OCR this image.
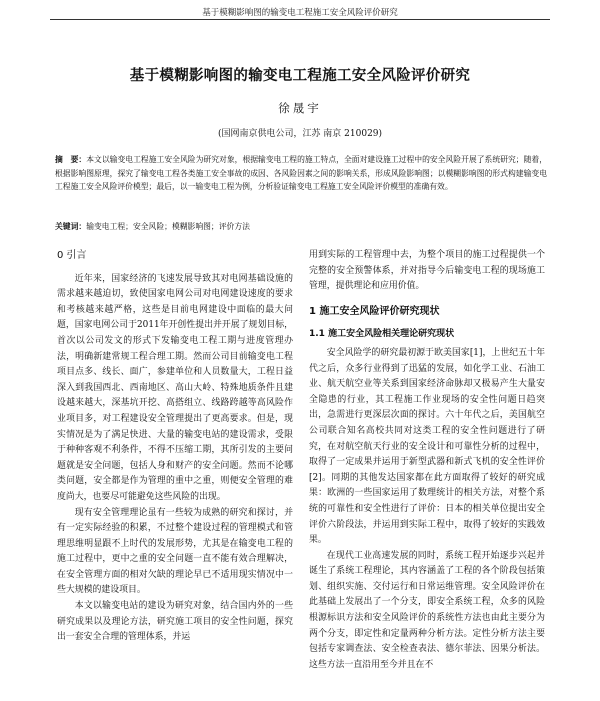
基于模糊影响图的输变电工程施工安全风险评价研究
基于模糊影响图的输变电工程施工安全风险评价研究
徐晟宇
(国网南京供电公司，江苏 南京 210029)
摘　要：本文以输变电工程施工安全风险为研究对象，根据输变电工程的施工特点，全面对建设施工过程中的安全风险开展了系统研究；随着，根据影响图原理，探究了输变电工程各类施工安全事故的成因、各风险因素之间的影响关系，形成风险影响图；以模糊影响图的形式构建输变电工程施工安全风险评价模型；最后，以一输变电工程为例，分析验证输变电工程施工安全风险评价模型的准确有效。
关键词：输变电工程；安全风险；模糊影响图；评价方法
0 引言

近年来，国家经济的飞速发展导致其对电网基础设施的需求越来越迫切，致使国家电网公司对电网建设速度的要求和考核越来越严格，这些是目前电网建设中面临的最大问题，国家电网公司于2011年开创性提出并开展了规划目标，首次以公司发文的形式下发输变电工程工期与进度管理办法，明确新建常规工程合理工期。然而公司目前输变电工程项目点多、线长、面广，参建单位和人员数量大，工程日益深入到我国西北、西南地区、高山大岭、特殊地质条件且建设越来越大，深基坑开挖、高搭组立、线路跨越等高风险作业项目多，对工程建设安全管理提出了更高要求。但是，现实情况是为了满足快进、大量的输变电站的建设需求，受限于种种客观不利条件，不得不压缩工期，其所引发的主要问题就是安全问题，包括人身和财产的安全问题。然而不论哪类问题，安全都是作为管理的重中之重，则便安全管理的难度尚大，也要尽可能避免这些风险的出现。

现有安全管理理论虽有一些较为成熟的研究和探讨，并有一定实际经验的积累，不过整个建设过程的管理模式和管理思维明显跟不上时代的发展形势，尤其是在输变电工程的施工过程中，更中之重的安全问题一直不能有效合理解决，在安全管理方面的相对欠缺的理论早已不适用现实情况中一些大规模的建设项目。

本文以输变电站的建设为研究对象，结合国内外的一些研究成果以及理论方法，研究施工项目的安全性问题，探究出一套安全合理的管理体系，并运

用到实际的工程管理中去，为整个项目的施工过程提供一个完整的安全预警体系，并对指导今后输变电工程的现场施工管理，提供理论和应用价值。

1 施工安全风险评价研究现状
1.1 施工安全风险相关理论研究现状

安全风险学的研究最初源于欧美国家[1]，上世纪五十年代之后，众多行业得到了迅猛的发展，如化学工业、石油工业、航天航空业等关系到国家经济命脉却又极易产生大量安全隐患的行业，其工程施工作业现场的安全性问题日趋突出，急需进行更深层次面的探讨。六十年代之后，美国航空公司联合知名高校共同对这类工程的安全性问题进行了研究，在对航空航天行业的安全设计和可靠性分析的过程中，取得了一定成果并运用于新型武器和新式飞机的安全性评价[2]。同期的其他发达国家都在此方面取得了较好的研究成果：欧洲的一些国家运用了数理统计的相关方法，对整个系统的可靠性和安全性进行了评价：日本的相关单位提出安全评价六阶段法，并运用到实际工程中，取得了较好的实践效果。

在现代工业高速发展的同时，系统工程开始逐步兴起并诞生了系统工程理论，其内容涵盖了工程的各个阶段包括策划、组织实施、交付运行和日常运维管理。安全风险评价在此基础上发展出了一个分支，即安全系统工程，众多的风险根源标识方法和安全风险评价的系统性方法也由此主要分为两个分支，即定性和定量两种分析方法。定性分析方法主要包括专家调查法、安全检查表法、德尔菲法、因果分析法。这些方法一直沿用至今并且在不
